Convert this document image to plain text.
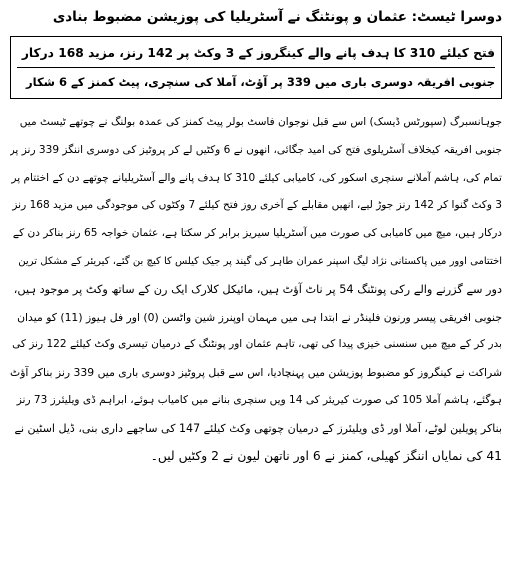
دوسرا ٹیسٹ: عثمان و پونٹنگ نے آسٹریلیا کی پوزیشن مضبوط بنادی
فتح کیلئے 310 کا ہدف پانے والے کینگروز کے 3 وکٹ پر 142 رنز، مزید 168 درکار
جنوبی افریقہ دوسری باری میں 339 پر آؤٹ، آملا کی سنچری، پیٹ کمنز کے 6 شکار
جوہانسبرگ (سپورٹس ڈیسک) اس سے قبل نوجوان فاسٹ بولر پیٹ کمنز کی عمدہ بولنگ نے چوتھے ٹیسٹ میں
جنوبی افریقہ کیخلاف آسٹریلوی فتح کی امید جگائی، انھوں نے 6 وکٹیں لے کر پروٹیز کی دوسری اننگز 339 رنز پر
تمام کی، ہاشم آملانے سنچری اسکور کی، کامیابی کیلئے 310 کا ہدف پانے والے آسٹریلیانے چوتھے دن کے اختتام پر
3 وکٹ گنوا کر 142 رنز جوڑ لیے، انھیں مقابلے کے آخری روز فتح کیلئے 7 وکٹوں کی موجودگی میں مزید 168 رنز
درکار ہیں، میچ میں کامیابی کی صورت میں آسٹریلیا سیریز برابر کر سکتا ہے، عثمان خواجہ 65 رنز بناکر دن کے
اختتامی اوور میں پاکستانی نژاد لیگ اسپنر عمران طاہر کی گیند پر جیک کیلس کا کیچ بن گئے، کیریئر کے مشکل ترین
دور سے گزرنے والے رکی پونٹنگ 54 پر ناٹ آؤٹ ہیں، مائیکل کلارک ایک رن کے ساتھ وکٹ پر موجود ہیں،
جنوبی افریقی پیسر ورنون فلینڈر نے ابتدا ہی میں مہمان اوپنرز شین واٹسن (0) اور فل ہیوز (11) کو میدان
بدر کر کے میچ میں سنسنی خیزی پیدا کی تھی، تاہم عثمان اور پونٹنگ کے درمیان تیسری وکٹ کیلئے 122 رنز کی
شراکت نے کینگروز کو مضبوط پوزیشن میں پہنچادیا، اس سے قبل پروٹیز دوسری باری میں 339 رنز بناکر آؤٹ
ہوگئے، ہاشم آملا 105 کی صورت کیریئر کی 14 ویں سنچری بنانے میں کامیاب ہوئے، ابراہم ڈی ویلیئرز 73 رنز
بناکر پویلین لوٹے، آملا اور ڈی ویلیئرز کے درمیان چوتھی وکٹ کیلئے 147 کی ساجھے داری بنی، ڈیل اسٹین نے
41 کی نمایاں اننگز کھیلی، کمنز نے 6 اور ناتھن لیون نے 2 وکٹیں لیں۔
